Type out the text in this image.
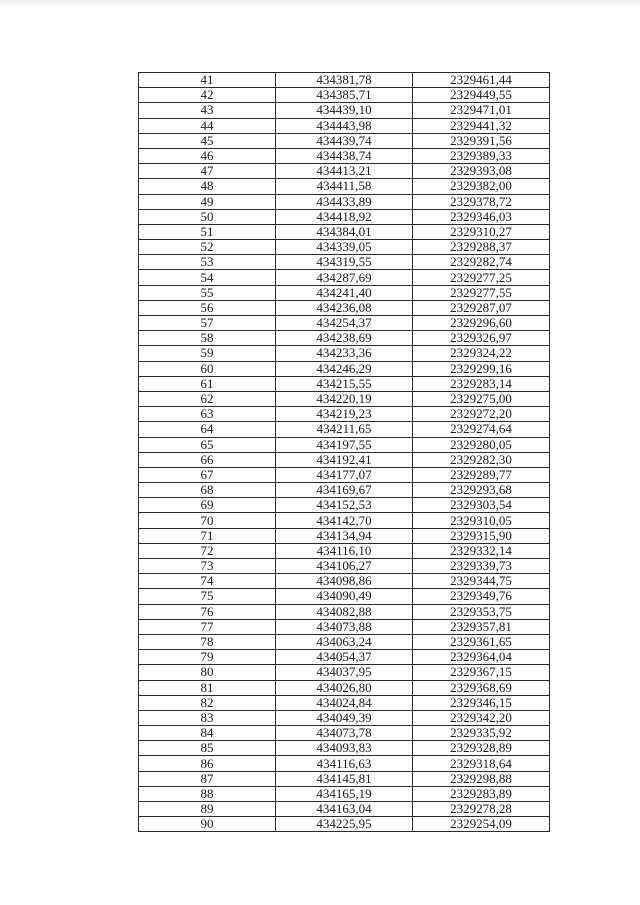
41	434381,78	2329461,44
42	434385,71	2329449,55
43	434439,10	2329471,01
44	434443,98	2329441,32
45	434439,74	2329391,56
46	434438,74	2329389,33
47	434413,21	2329393,08
48	434411,58	2329382,00
49	434433,89	2329378,72
50	434418,92	2329346,03
51	434384,01	2329310,27
52	434339,05	2329288,37
53	434319,55	2329282,74
54	434287,69	2329277,25
55	434241,40	2329277,55
56	434236,08	2329287,07
57	434254,37	2329296,60
58	434238,69	2329326,97
59	434233,36	2329324,22
60	434246,29	2329299,16
61	434215,55	2329283,14
62	434220,19	2329275,00
63	434219,23	2329272,20
64	434211,65	2329274,64
65	434197,55	2329280,05
66	434192,41	2329282,30
67	434177,07	2329289,77
68	434169,67	2329293,68
69	434152,53	2329303,54
70	434142,70	2329310,05
71	434134,94	2329315,90
72	434116,10	2329332,14
73	434106,27	2329339,73
74	434098,86	2329344,75
75	434090,49	2329349,76
76	434082,88	2329353,75
77	434073,88	2329357,81
78	434063,24	2329361,65
79	434054,37	2329364,04
80	434037,95	2329367,15
81	434026,80	2329368,69
82	434024,84	2329346,15
83	434049,39	2329342,20
84	434073,78	2329335,92
85	434093,83	2329328,89
86	434116,63	2329318,64
87	434145,81	2329298,88
88	434165,19	2329283,89
89	434163,04	2329278,28
90	434225,95	2329254,09
